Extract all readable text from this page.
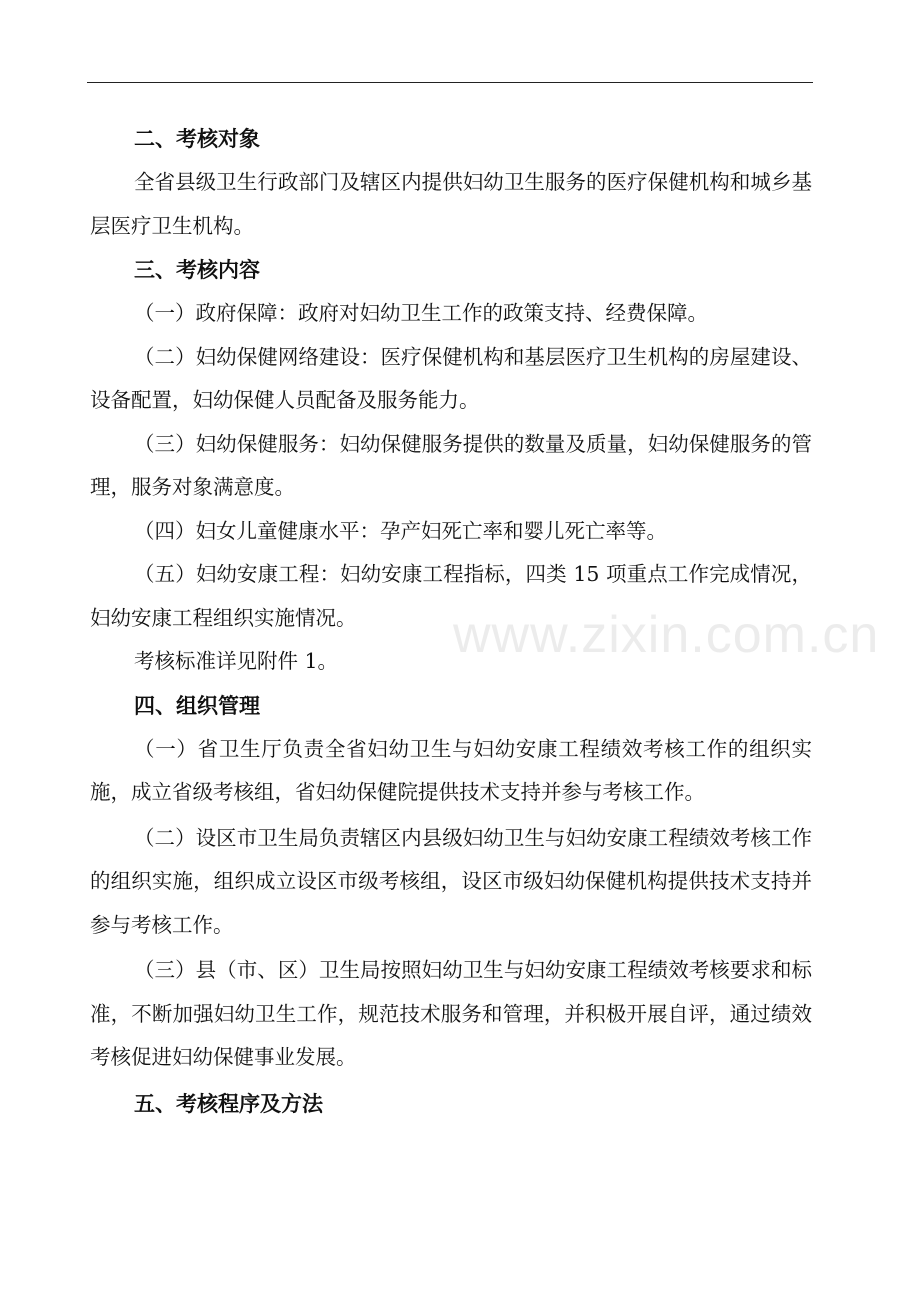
二、考核对象

全省县级卫生行政部门及辖区内提供妇幼卫生服务的医疗保健机构和城乡基层医疗卫生机构。

三、考核内容

（一）政府保障：政府对妇幼卫生工作的政策支持、经费保障。

（二）妇幼保健网络建设：医疗保健机构和基层医疗卫生机构的房屋建设、设备配置，妇幼保健人员配备及服务能力。

（三）妇幼保健服务：妇幼保健服务提供的数量及质量，妇幼保健服务的管理，服务对象满意度。

（四）妇女儿童健康水平：孕产妇死亡率和婴儿死亡率等。

（五）妇幼安康工程：妇幼安康工程指标，四类 15 项重点工作完成情况，妇幼安康工程组织实施情况。

考核标准详见附件 1。

四、组织管理

（一）省卫生厅负责全省妇幼卫生与妇幼安康工程绩效考核工作的组织实施，成立省级考核组，省妇幼保健院提供技术支持并参与考核工作。

（二）设区市卫生局负责辖区内县级妇幼卫生与妇幼安康工程绩效考核工作的组织实施，组织成立设区市级考核组，设区市级妇幼保健机构提供技术支持并参与考核工作。

（三）县（市、区）卫生局按照妇幼卫生与妇幼安康工程绩效考核要求和标准，不断加强妇幼卫生工作，规范技术服务和管理，并积极开展自评，通过绩效考核促进妇幼保健事业发展。

五、考核程序及方法
www.zixin.com.cn
